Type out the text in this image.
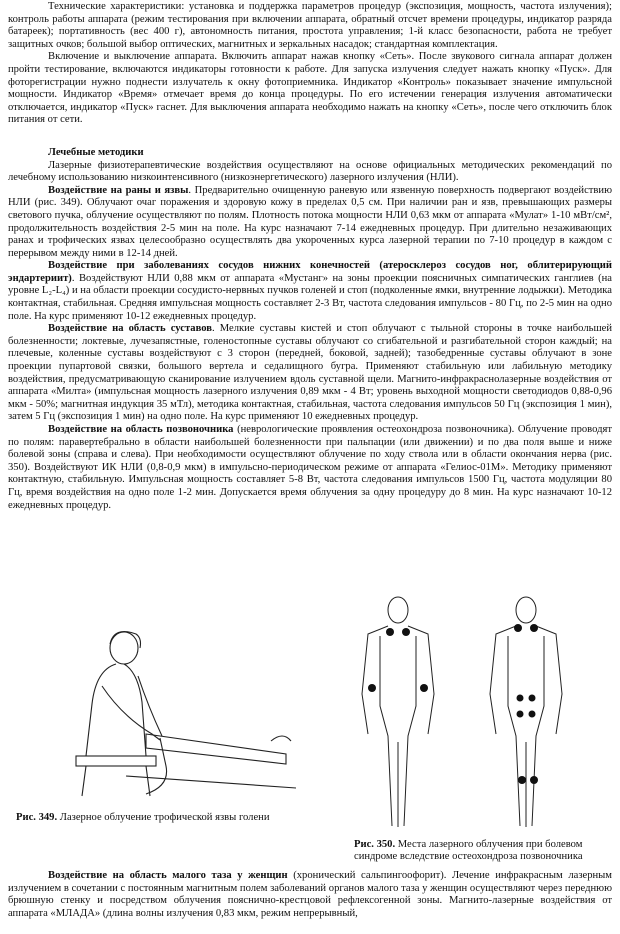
Технические характеристики: установка и поддержка параметров процедур (экспозиция, мощность, частота излучения); контроль работы аппарата (режим тестирования при включении аппарата, обратный отсчет времени процедуры, индикатор разряда батареек); портативность (вес 400 г), автономность питания, простота управления; 1-й класс безопасности, работа не требует защитных очков; большой выбор оптических, магнитных и зеркальных насадок; стандартная комплектация.

Включение и выключение аппарата. Включить аппарат нажав кнопку «Сеть». После звукового сигнала аппарат должен пройти тестирование, включаются индикаторы готовности к работе. Для запуска излучения следует нажать кнопку «Пуск». Для фоторегистрации нужно поднести излучатель к окну фотоприемника. Индикатор «Контроль» показывает значение импульсной мощности. Индикатор «Время» отмечает время до конца процедуры. По его истечении генерация излучения автоматически отключается, индикатор «Пуск» гаснет. Для выключения аппарата необходимо нажать на кнопку «Сеть», после чего отключить блок питания от сети.

Лечебные методики

Лазерные физиотерапевтические воздействия осуществляют на основе официальных методических рекомендаций по лечебному использованию низкоинтенсивного (низкоэнергетического) лазерного излучения (НЛИ).

Воздействие на раны и язвы. Предварительно очищенную раневую или язвенную поверхность подвергают воздействию НЛИ (рис. 349). Облучают очаг поражения и здоровую кожу в пределах 0,5 см. При наличии ран и язв, превышающих размеры светового пучка, облучение осуществляют по полям. Плотность потока мощности НЛИ 0,63 мкм от аппарата «Мулат» 1-10 мВт/см², продолжительность воздействия 2-5 мин на поле. На курс назначают 7-14 ежедневных процедур. При длительно незаживающих ранах и трофических язвах целесообразно осуществлять два укороченных курса лазерной терапии по 7-10 процедур в каждом с перерывом между ними в 12-14 дней.

Воздействие при заболеваниях сосудов нижних конечностей (атеросклероз сосудов ног, облитерирующий эндартериит). Воздействуют НЛИ 0,88 мкм от аппарата «Мустанг» на зоны проекции поясничных симпатических ганглиев (на уровне L₂-L₄) и на области проекции сосудисто-нервных пучков голеней и стоп (подколенные ямки, внутренние лодыжки). Методика контактная, стабильная. Средняя импульсная мощность составляет 2-3 Вт, частота следования импульсов - 80 Гц, по 2-5 мин на одно поле. На курс применяют 10-12 ежедневных процедур.

Воздействие на область суставов. Мелкие суставы кистей и стоп облучают с тыльной стороны в точке наибольшей болезненности; локтевые, лучезапястные, голеностопные суставы облучают со сгибательной и разгибательной сторон каждый; на плечевые, коленные суставы воздействуют с 3 сторон (передней, боковой, задней); тазобедренные суставы облучают в зоне проекции пупартовой связки, большого вертела и седалищного бугра. Применяют стабильную или лабильную методику воздействия, предусматривающую сканирование излучением вдоль суставной щели. Магнито-инфракраснолазерные воздействия от аппарата «Милта» (импульсная мощность лазерного излучения 0,89 мкм - 4 Вт; уровень выходной мощности светодиодов 0,88-0,96 мкм - 50%; магнитная индукция 35 мТл), методика контактная, стабильная, частота следования импульсов 50 Гц (экспозиция 1 мин), затем 5 Гц (экспозиция 1 мин) на одно поле. На курс применяют 10 ежедневных процедур.

Воздействие на область позвоночника (неврологические проявления остеохондроза позвоночника). Облучение проводят по полям: паравертебрально в области наибольшей болезненности при пальпации (или движении) и по два поля выше и ниже болевой зоны (справа и слева). При необходимости осуществляют облучение по ходу ствола или в области окончания нерва (рис. 350). Воздействуют ИК НЛИ (0,8-0,9 мкм) в импульсно-периодическом режиме от аппарата «Гелиос-01М». Методику применяют контактную, стабильную. Импульсная мощность составляет 5-8 Вт, частота следования импульсов 1500 Гц, частота модуляции 80 Гц, время воздействия на одно поле 1-2 мин. Допускается время облучения за одну процедуру до 8 мин. На курс назначают 10-12 ежедневных процедур.

Рис. 349. Лазерное облучение трофической язвы голени
Рис. 350. Места лазерного облучения при болевом синдроме вследствие остеохондроза позвоночника

Воздействие на область малого таза у женщин (хронический сальпингоофорит). Лечение инфракрасным лазерным излучением в сочетании с постоянным магнитным полем заболеваний органов малого таза у женщин осуществляют через переднюю брюшную стенку и посредством облучения пояснично-крестцовой рефлексогенной зоны. Магнито-лазерные воздействия от аппарата «МЛАДА» (длина волны излучения 0,83 мкм, режим непрерывный,
